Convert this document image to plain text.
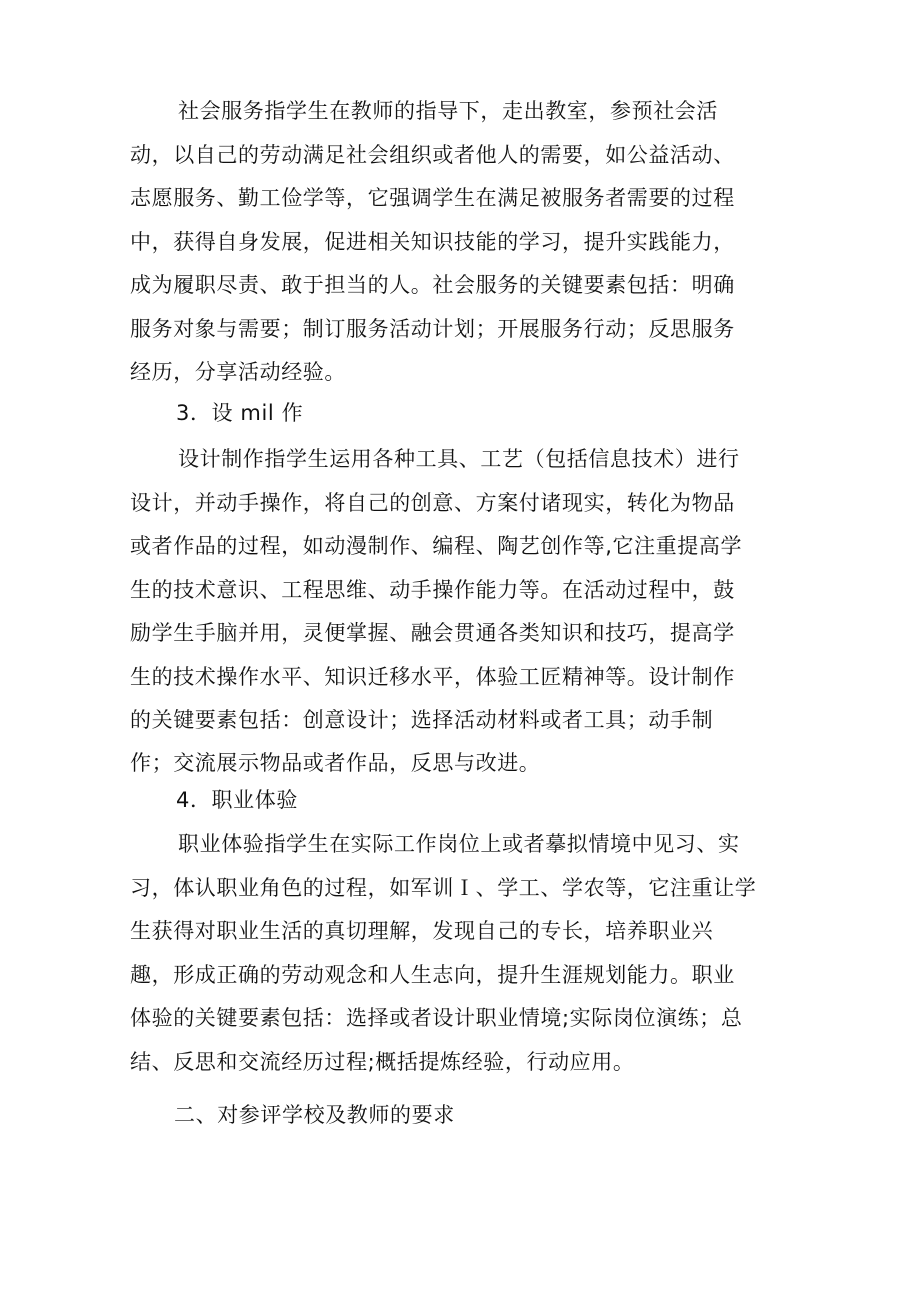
社会服务指学生在教师的指导下，走出教室，参预社会活
动，以自己的劳动满足社会组织或者他人的需要，如公益活动、
志愿服务、勤工俭学等，它强调学生在满足被服务者需要的过程
中，获得自身发展，促进相关知识技能的学习，提升实践能力，
成为履职尽责、敢于担当的人。社会服务的关键要素包括：明确
服务对象与需要；制订服务活动计划；开展服务行动；反思服务
经历，分享活动经验。
3．设 mil 作
设计制作指学生运用各种工具、工艺（包括信息技术）进行
设计，并动手操作，将自己的创意、方案付诸现实，转化为物品
或者作品的过程，如动漫制作、编程、陶艺创作等,它注重提高学
生的技术意识、工程思维、动手操作能力等。在活动过程中，鼓
励学生手脑并用，灵便掌握、融会贯通各类知识和技巧，提高学
生的技术操作水平、知识迁移水平，体验工匠精神等。设计制作
的关键要素包括：创意设计；选择活动材料或者工具；动手制
作；交流展示物品或者作品，反思与改进。
4．职业体验
职业体验指学生在实际工作岗位上或者摹拟情境中见习、实
习，体认职业角色的过程，如军训Ｉ、学工、学农等，它注重让学
生获得对职业生活的真切理解，发现自己的专长，培养职业兴
趣，形成正确的劳动观念和人生志向，提升生涯规划能力。职业
体验的关键要素包括：选择或者设计职业情境;实际岗位演练；总
结、反思和交流经历过程;概括提炼经验，行动应用。
二、对参评学校及教师的要求
